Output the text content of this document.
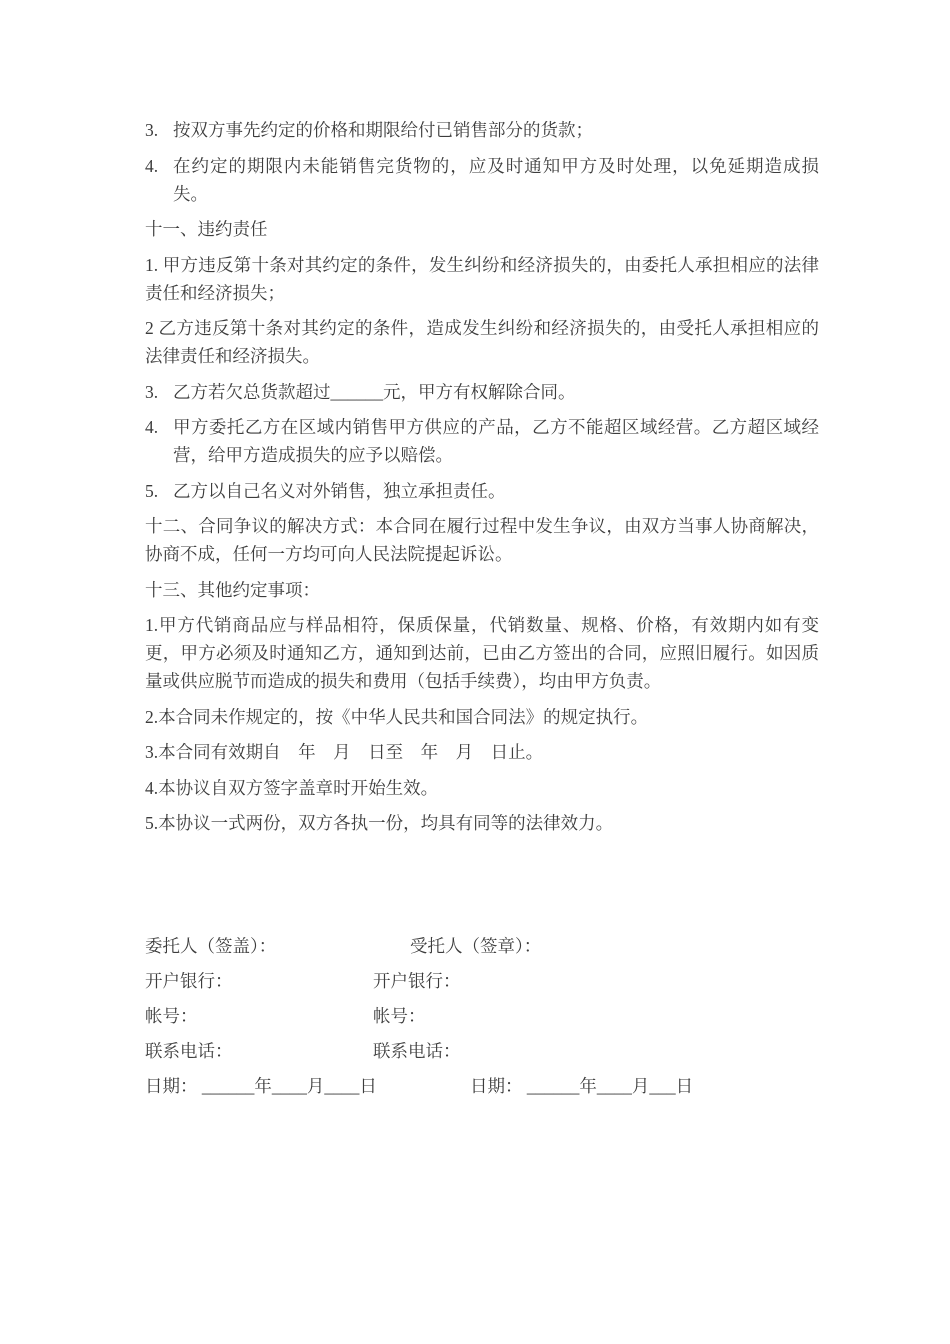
3. 按双方事先约定的价格和期限给付已销售部分的货款；
4. 在约定的期限内未能销售完货物的，应及时通知甲方及时处理，以免延期造成损失。
十一、违约责任
1. 甲方违反第十条对其约定的条件，发生纠纷和经济损失的，由委托人承担相应的法律责任和经济损失；
2 乙方违反第十条对其约定的条件，造成发生纠纷和经济损失的，由受托人承担相应的法律责任和经济损失。
3. 乙方若欠总货款超过______元，甲方有权解除合同。
4. 甲方委托乙方在区域内销售甲方供应的产品，乙方不能超区域经营。乙方超区域经营，给甲方造成损失的应予以赔偿。
5. 乙方以自己名义对外销售，独立承担责任。
十二、合同争议的解决方式：本合同在履行过程中发生争议，由双方当事人协商解决，协商不成，任何一方均可向人民法院提起诉讼。
十三、其他约定事项：
1.甲方代销商品应与样品相符，保质保量，代销数量、规格、价格，有效期内如有变更，甲方必须及时通知乙方，通知到达前，已由乙方签出的合同，应照旧履行。如因质量或供应脱节而造成的损失和费用（包括手续费），均由甲方负责。
2.本合同未作规定的，按《中华人民共和国合同法》的规定执行。
3.本合同有效期自　年　月　日至　年　月　日止。
4.本协议自双方签字盖章时开始生效。
5.本协议一式两份，双方各执一份，均具有同等的法律效力。
委托人（签盖）：	受托人（签章）：
开户银行：	开户银行：
帐号：	帐号：
联系电话：	联系电话：
日期： ______年____月____日	日期： ______年____月___日
